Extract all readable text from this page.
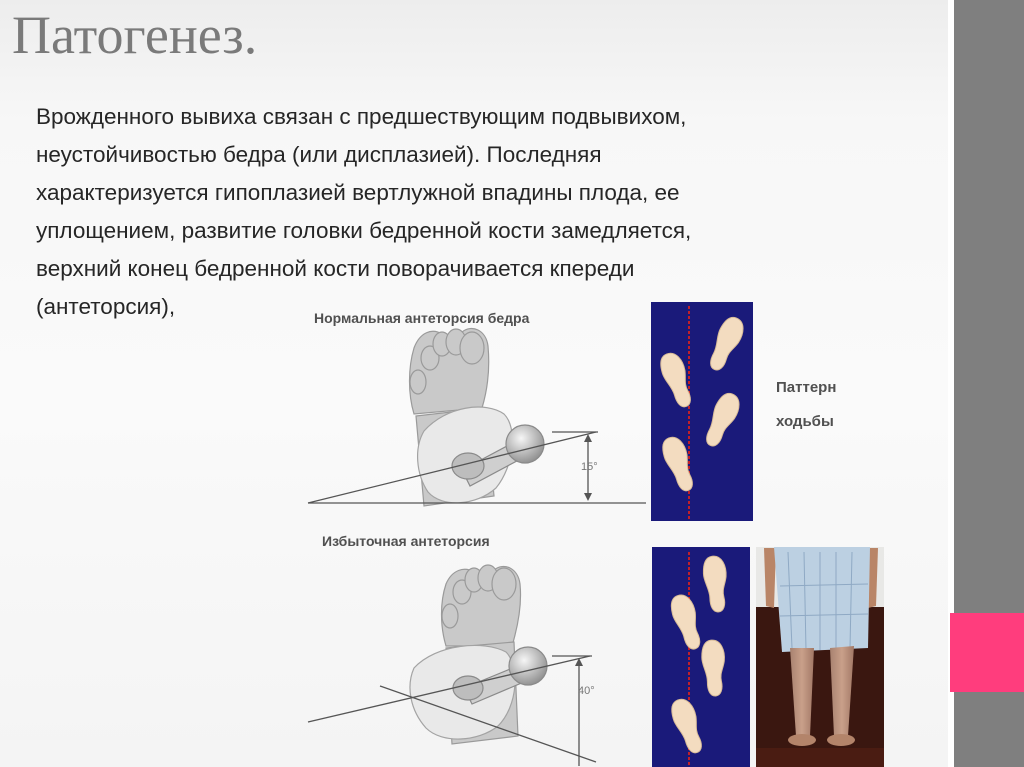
Патогенез.

Врожденного вывиха связан с предшествующим подвывихом,
неустойчивостью бедра (или дисплазией). Последняя
характеризуется гипоплазией вертлужной впадины плода, ее
уплощением, развитие головки бедренной кости замедляется,
верхний конец бедренной кости поворачивается кпереди
(антеторсия),	Нормальная антеторсия бедра
15°
Паттерн
ходьбы
Избыточная антеторсия
40°
